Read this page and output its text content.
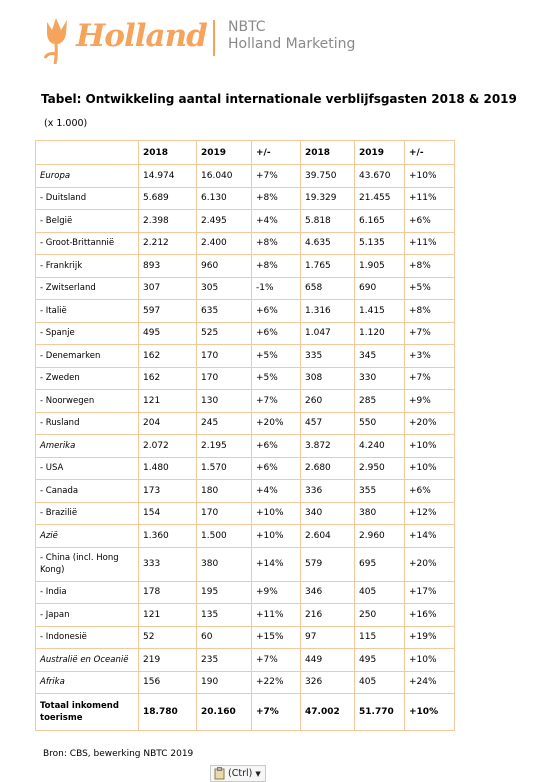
Holland NBTC
Holland Marketing
Tabel: Ontwikkeling aantal internationale verblijfsgasten 2018 & 2019
(x 1.000)
	2018	2019	+/-	2018	2019	+/-
Europa	14.974	16.040	+7%	39.750	43.670	+10%
- Duitsland	5.689	6.130	+8%	19.329	21.455	+11%
- België	2.398	2.495	+4%	5.818	6.165	+6%
- Groot-Brittannië	2.212	2.400	+8%	4.635	5.135	+11%
- Frankrijk	893	960	+8%	1.765	1.905	+8%
- Zwitserland	307	305	-1%	658	690	+5%
- Italië	597	635	+6%	1.316	1.415	+8%
- Spanje	495	525	+6%	1.047	1.120	+7%
- Denemarken	162	170	+5%	335	345	+3%
- Zweden	162	170	+5%	308	330	+7%
- Noorwegen	121	130	+7%	260	285	+9%
- Rusland	204	245	+20%	457	550	+20%
Amerika	2.072	2.195	+6%	3.872	4.240	+10%
- USA	1.480	1.570	+6%	2.680	2.950	+10%
- Canada	173	180	+4%	336	355	+6%
- Brazilië	154	170	+10%	340	380	+12%
Azië	1.360	1.500	+10%	2.604	2.960	+14%
- China (incl. Hong Kong)	333	380	+14%	579	695	+20%
- India	178	195	+9%	346	405	+17%
- Japan	121	135	+11%	216	250	+16%
- Indonesië	52	60	+15%	97	115	+19%
Australië en Oceanië	219	235	+7%	449	495	+10%
Afrika	156	190	+22%	326	405	+24%
Totaal inkomend toerisme	18.780	20.160	+7%	47.002	51.770	+10%
Bron: CBS, bewerking NBTC 2019
(Ctrl) ▼
